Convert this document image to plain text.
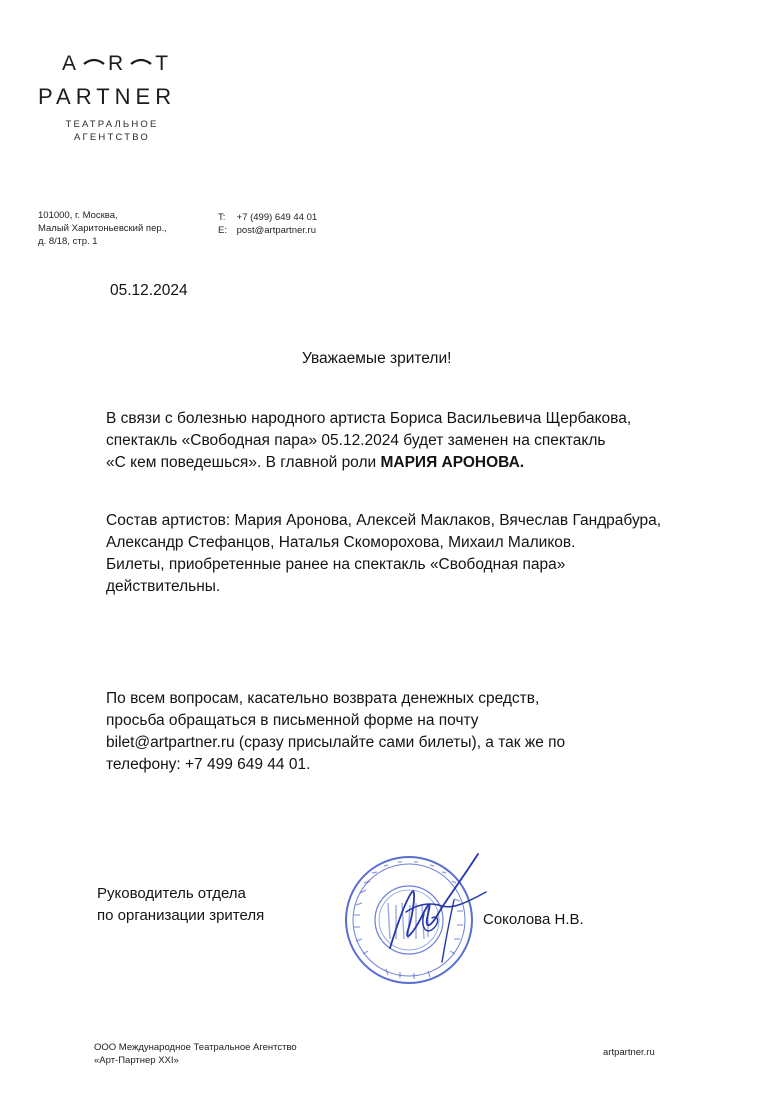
A R T
PARTNER
ТЕАТРАЛЬНОЕ
АГЕНТСТВО
101000, г. Москва,
Малый Харитоньевский пер.,
д. 8/18, стр. 1
T: +7 (499) 649 44 01
E: post@artpartner.ru
05.12.2024
Уважаемые зрители!
В связи с болезнью народного артиста Бориса Васильевича Щербакова,
спектакль «Свободная пара» 05.12.2024 будет заменен на спектакль
«С кем поведешься». В главной роли МАРИЯ АРОНОВА.
Состав артистов: Мария Аронова, Алексей Маклаков, Вячеслав Гандрабура,
Александр Стефанцов, Наталья Скоморохова, Михаил Маликов.
Билеты, приобретенные ранее на спектакль «Свободная пара»
действительны.
По всем вопросам, касательно возврата денежных средств,
просьба обращаться в письменной форме на почту
bilet@artpartner.ru (сразу присылайте сами билеты), а так же по
телефону: +7 499 649 44 01.
Руководитель отдела
по организации зрителя	Соколова Н.В.
ООО Международное Театральное Агентство
«Арт-Партнер XXI»
artpartner.ru
